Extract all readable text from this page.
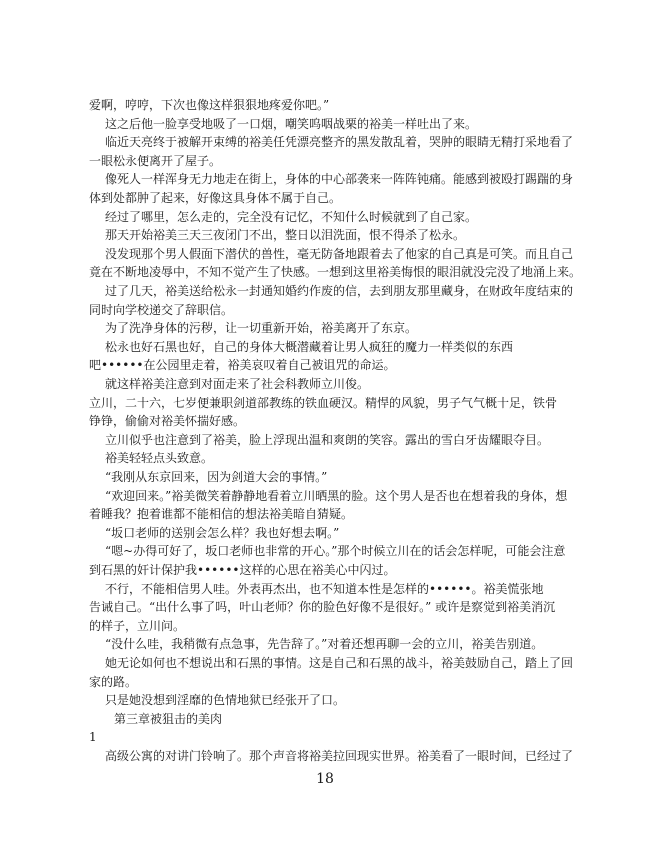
爱啊，哼哼，下次也像这样狠狠地疼爱你吧。”
这之后他一脸享受地吸了一口烟，嘲笑呜咽战栗的裕美一样吐出了来。
临近天亮终于被解开束缚的裕美任凭漂亮整齐的黑发散乱着，哭肿的眼睛无精打采地看了
一眼松永便离开了屋子。
像死人一样浑身无力地走在街上，身体的中心部袭来一阵阵钝痛。能感到被殴打踢踹的身
体到处都肿了起来，好像这具身体不属于自己。
经过了哪里，怎么走的，完全没有记忆，不知什么时候就到了自己家。
那天开始裕美三天三夜闭门不出，整日以泪洗面，恨不得杀了松永。
没发现那个男人假面下潜伏的兽性，毫无防备地跟着去了他家的自己真是可笑。而且自己
竟在不断地凌辱中，不知不觉产生了快感。一想到这里裕美悔恨的眼泪就没完没了地涌上来。
过了几天，裕美送给松永一封通知婚约作废的信，去到朋友那里藏身，在财政年度结束的
同时向学校递交了辞职信。
为了洗净身体的污秽，让一切重新开始，裕美离开了东京。
松永也好石黑也好，自己的身体大概潜藏着让男人疯狂的魔力一样类似的东西
吧••••••在公园里走着，裕美哀叹着自己被诅咒的命运。
就这样裕美注意到对面走来了社会科教师立川俊。
立川，二十六，七岁便兼职剑道部教练的铁血硬汉。精悍的风貌，男子气气概十足，铁骨
铮铮，偷偷对裕美怀揣好感。
立川似乎也注意到了裕美，脸上浮现出温和爽朗的笑容。露出的雪白牙齿耀眼夺目。
裕美轻轻点头致意。
“我刚从东京回来，因为剑道大会的事情。”
“欢迎回来。”裕美微笑着静静地看着立川晒黑的脸。这个男人是否也在想着我的身体，想
着睡我？抱着谁都不能相信的想法裕美暗自猜疑。
“坂口老师的送别会怎么样？我也好想去啊。”
“嗯~办得可好了，坂口老师也非常的开心。”那个时候立川在的话会怎样呢，可能会注意
到石黑的奸计保护我••••••这样的心思在裕美心中闪过。
不行，不能相信男人哇。外表再杰出，也不知道本性是怎样的••••••。裕美慌张地
告诫自己。“出什么事了吗，叶山老师？你的脸色好像不是很好。” 或许是察觉到裕美消沉
的样子，立川问。
“没什么哇，我稍微有点急事，先告辞了。”对着还想再聊一会的立川，裕美告别道。
她无论如何也不想说出和石黑的事情。这是自己和石黑的战斗，裕美鼓励自己，踏上了回
家的路。
只是她没想到淫靡的色情地狱已经张开了口。
第三章被狙击的美肉
1
高级公寓的对讲门铃响了。那个声音将裕美拉回现实世界。裕美看了一眼时间，已经过了
18
